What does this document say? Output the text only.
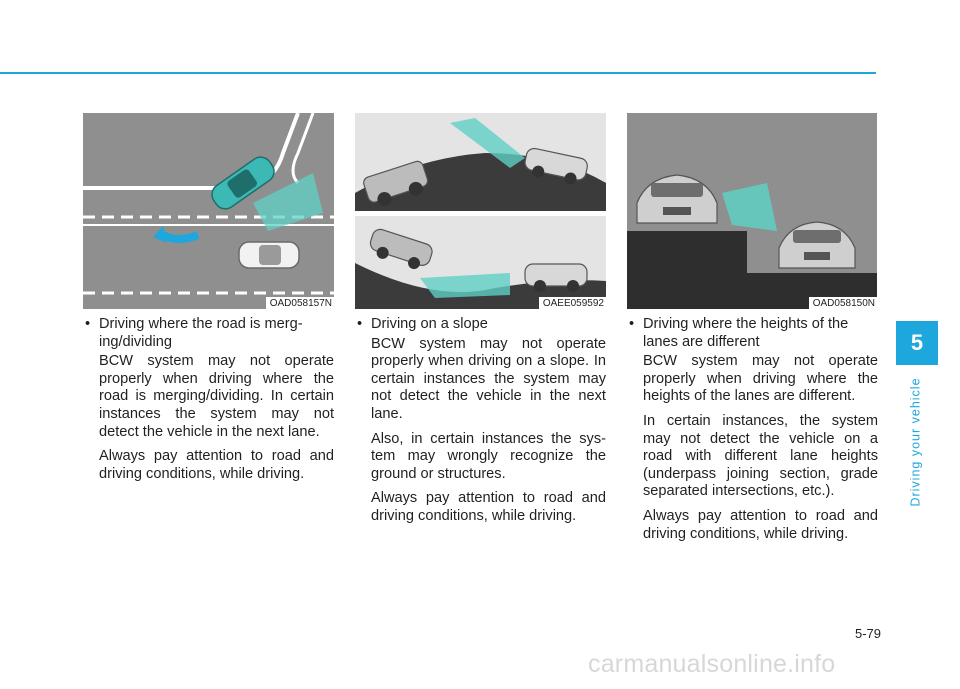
OAD058157N	OAEE059592	OAD058150N

• Driving where the road is merg-ing/dividing

BCW system may not operate properly when driving where the road is merging/dividing. In certain instances the system may not detect the vehicle in the next lane.

Always pay attention to road and driving conditions, while driving.

• Driving on a slope

BCW system may not operate properly when driving on a slope. In certain instances the system may not detect the vehicle in the next lane.

Also, in certain instances the sys-tem may wrongly recognize the ground or structures.

Always pay attention to road and driving conditions, while driving.

• Driving where the heights of the lanes are different

BCW system may not operate properly when driving where the heights of the lanes are different.

In certain instances, the system may not detect the vehicle on a road with different lane heights (underpass joining section, grade separated intersections, etc.).

Always pay attention to road and driving conditions, while driving.

5
Driving your vehicle
5-79
carmanualsonline.info
